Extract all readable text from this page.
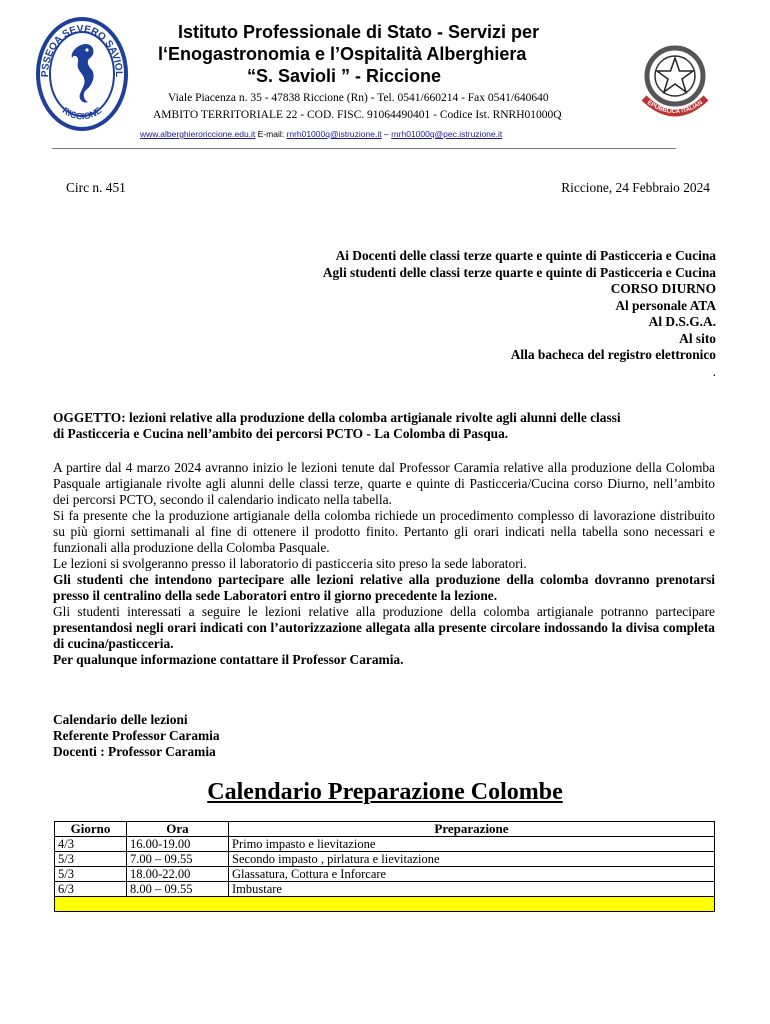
PSSEOA SEVERO SAVIOL
RICCIONE
Istituto Professionale di Stato - Servizi per
l‘Enogastronomia e l’Ospitalità Alberghiera
“S. Savioli ” - Riccione
Viale Piacenza n. 35 - 47838 Riccione (Rn) - Tel. 0541/660214 - Fax 0541/640640
AMBITO TERRITORIALE 22 - COD. FISC. 91064490401 - Codice Ist. RNRH01000Q
www.alberghieroriccione.edu.it E-mail: rnrh01000q@istruzione.it – rnrh01000q@pec.istruzione.it
EPUBBLICA ITALIAN
Circ n. 451	Riccione, 24 Febbraio 2024
Ai Docenti delle classi terze quarte e quinte di Pasticceria e Cucina
Agli studenti delle classi terze quarte e quinte di Pasticceria e Cucina
CORSO DIURNO
Al personale ATA
Al D.S.G.A.
Al sito
Alla bacheca del registro elettronico
.
OGGETTO: lezioni relative alla produzione della colomba artigianale rivolte agli alunni delle classi
di Pasticceria e Cucina nell’ambito dei percorsi PCTO - La Colomba di Pasqua.
A partire dal 4 marzo 2024 avranno inizio le lezioni tenute dal Professor Caramia relative alla produzione della Colomba Pasquale artigianale rivolte agli alunni delle classi terze, quarte e quinte di Pasticceria/Cucina corso Diurno, nell’ambito dei percorsi PCTO, secondo il calendario indicato nella tabella.
Si fa presente che la produzione artigianale della colomba richiede un procedimento complesso di lavorazione distribuito su più giorni settimanali al fine di ottenere il prodotto finito. Pertanto gli orari indicati nella tabella sono necessari e funzionali alla produzione della Colomba Pasquale.
Le lezioni si svolgeranno presso il laboratorio di pasticceria sito preso la sede laboratori.
Gli studenti che intendono partecipare alle lezioni relative alla produzione della colomba dovranno prenotarsi presso il centralino della sede Laboratori entro il giorno precedente la lezione.
Gli studenti interessati a seguire le lezioni relative alla produzione della colomba artigianale potranno partecipare presentandosi negli orari indicati con l’autorizzazione allegata alla presente circolare indossando la divisa completa di cucina/pasticceria.
Per qualunque informazione contattare il Professor Caramia.
Calendario delle lezioni
Referente Professor Caramia
Docenti : Professor Caramia
Calendario Preparazione Colombe
Giorno	Ora	Preparazione
4/3	16.00-19.00	Primo impasto e lievitazione
5/3	7.00 – 09.55	Secondo impasto , pirlatura e lievitazione
5/3	18.00-22.00	Glassatura, Cottura e Inforcare
6/3	8.00 – 09.55	Imbustare
